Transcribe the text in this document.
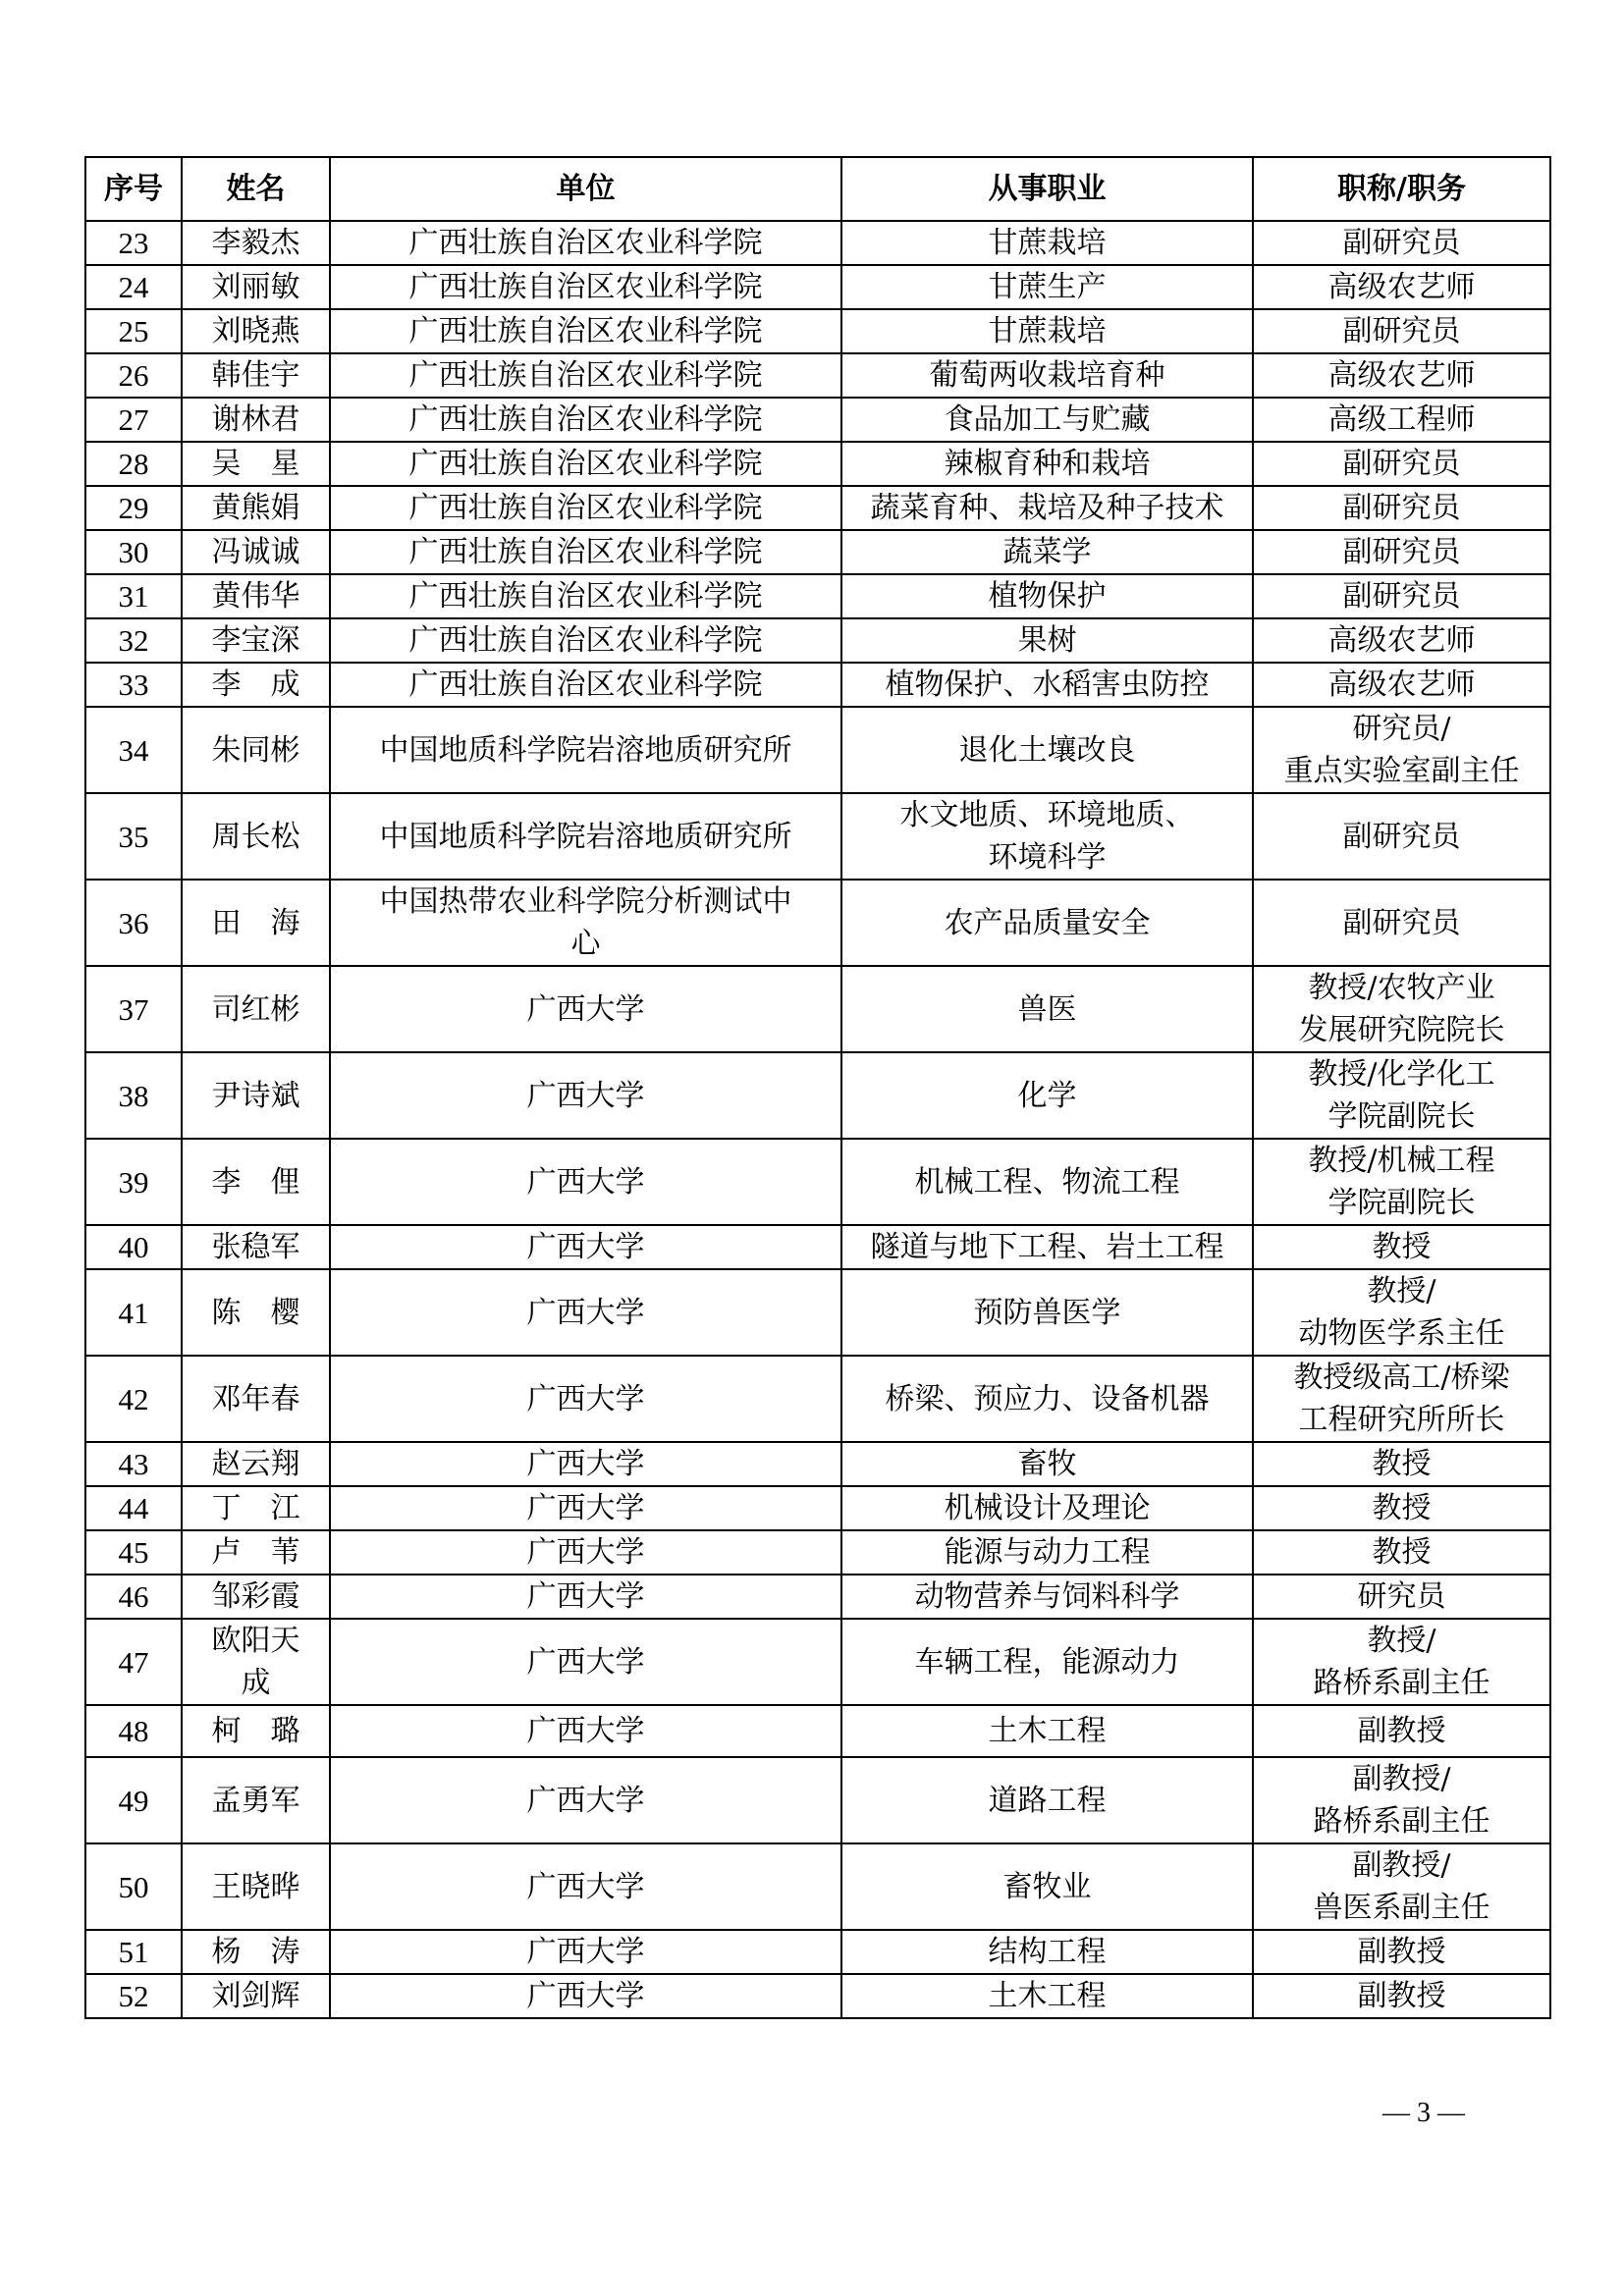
序号	姓名	单位	从事职业	职称/职务
23	李毅杰	广西壮族自治区农业科学院	甘蔗栽培	副研究员

24	刘丽敏	广西壮族自治区农业科学院	甘蔗生产	高级农艺师

25	刘晓燕	广西壮族自治区农业科学院	甘蔗栽培	副研究员

26	韩佳宇	广西壮族自治区农业科学院	葡萄两收栽培育种	高级农艺师

27	谢林君	广西壮族自治区农业科学院	食品加工与贮藏	高级工程师

28	吴　星	广西壮族自治区农业科学院	辣椒育种和栽培	副研究员

29	黄熊娟	广西壮族自治区农业科学院	蔬菜育种、栽培及种子技术	副研究员

30	冯诚诚	广西壮族自治区农业科学院	蔬菜学	副研究员

31	黄伟华	广西壮族自治区农业科学院	植物保护	副研究员

32	李宝深	广西壮族自治区农业科学院	果树	高级农艺师

33	李　成	广西壮族自治区农业科学院	植物保护、水稻害虫防控	高级农艺师

34	朱同彬	中国地质科学院岩溶地质研究所	退化土壤改良	研究员/
重点实验室副主任

35	周长松	中国地质科学院岩溶地质研究所	水文地质、环境地质、
环境科学	副研究员

36	田　海	中国热带农业科学院分析测试中
心	农产品质量安全	副研究员

37	司红彬	广西大学	兽医	教授/农牧产业
发展研究院院长

38	尹诗斌	广西大学	化学	教授/化学化工
学院副院长

39	李　俚	广西大学	机械工程、物流工程	教授/机械工程
学院副院长

40	张稳军	广西大学	隧道与地下工程、岩土工程	教授

41	陈　樱	广西大学	预防兽医学	教授/
动物医学系主任

42	邓年春	广西大学	桥梁、预应力、设备机器	教授级高工/桥梁
工程研究所所长

43	赵云翔	广西大学	畜牧	教授

44	丁　江	广西大学	机械设计及理论	教授

45	卢　苇	广西大学	能源与动力工程	教授

46	邹彩霞	广西大学	动物营养与饲料科学	研究员

47	欧阳天
成	广西大学	车辆工程，能源动力	教授/
路桥系副主任

48	柯　璐	广西大学	土木工程	副教授

49	孟勇军	广西大学	道路工程	副教授/
路桥系副主任

50	王晓晔	广西大学	畜牧业	副教授/
兽医系副主任

51	杨　涛	广西大学	结构工程	副教授

52	刘剑辉	广西大学	土木工程	副教授
— 3 —
